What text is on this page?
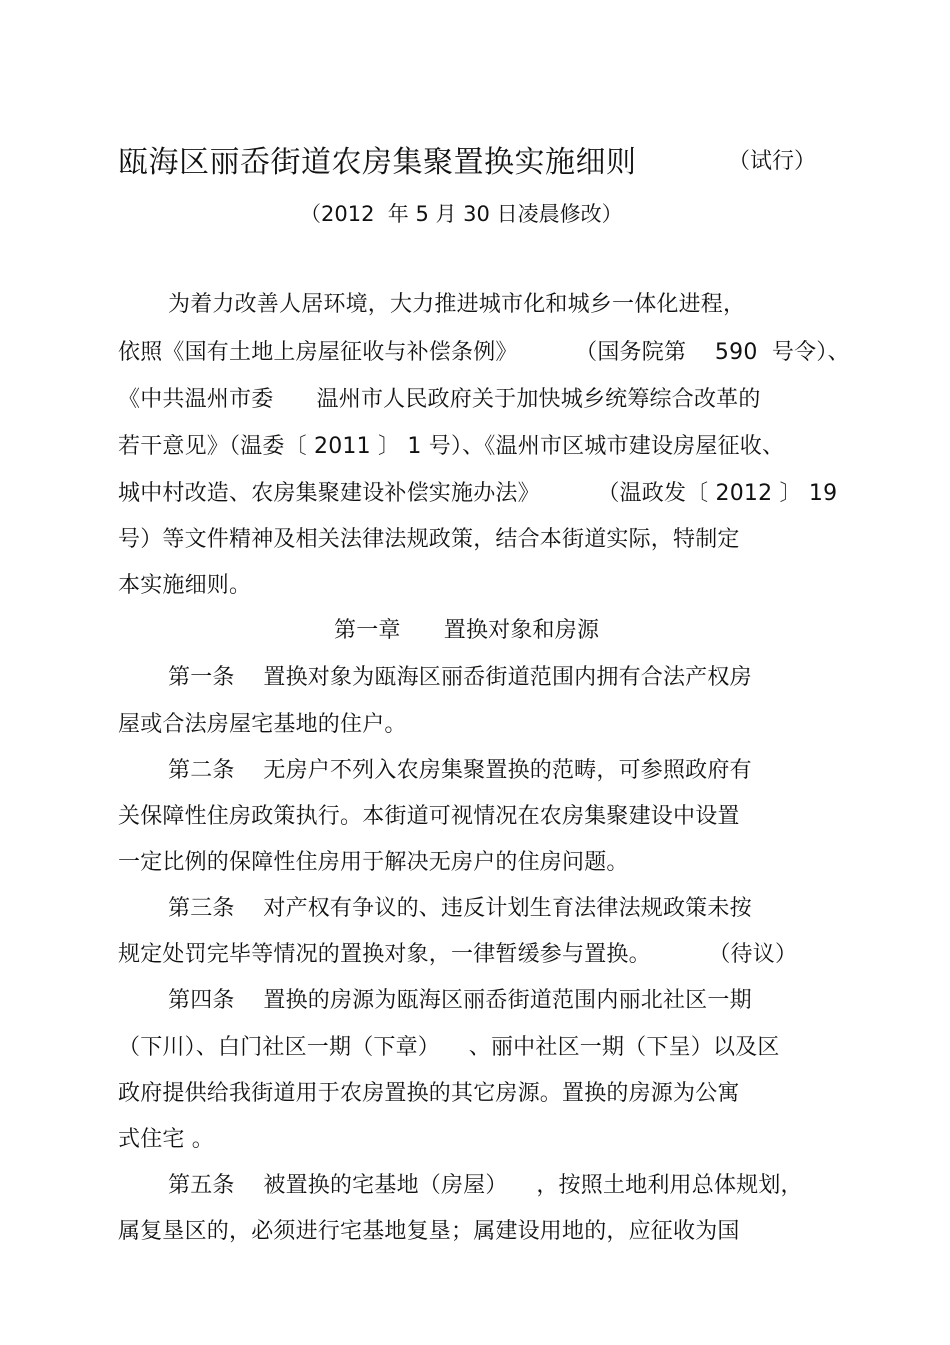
瓯海区丽岙街道农房集聚置换实施细则	（试行）
（2012  年 5 月 30 日凌晨修改）
为着力改善人居环境，大力推进城市化和城乡一体化进程，
依照《国有土地上房屋征收与补偿条例》        （国务院第    590  号令）、
《中共温州市委      温州市人民政府关于加快城乡统筹综合改革的
若干意见》（温委〔 2011 〕 1 号）、《温州市区城市建设房屋征收、
城中村改造、农房集聚建设补偿实施办法》        （温政发〔 2012 〕 19
号）等文件精神及相关法律法规政策，结合本街道实际，特制定
本实施细则。
第一章      置换对象和房源
第一条    置换对象为瓯海区丽岙街道范围内拥有合法产权房
屋或合法房屋宅基地的住户。
第二条    无房户不列入农房集聚置换的范畴，可参照政府有
关保障性住房政策执行。本街道可视情况在农房集聚建设中设置
一定比例的保障性住房用于解决无房户的住房问题。
第三条    对产权有争议的、违反计划生育法律法规政策未按
规定处罚完毕等情况的置换对象，一律暂缓参与置换。        （待议）
第四条    置换的房源为瓯海区丽岙街道范围内丽北社区一期
（下川）、白门社区一期（下章）    、丽中社区一期（下呈）以及区
政府提供给我街道用于农房置换的其它房源。置换的房源为公寓
式住宅 。
第五条    被置换的宅基地（房屋）    ，按照土地利用总体规划，
属复垦区的，必须进行宅基地复垦；属建设用地的，应征收为国
